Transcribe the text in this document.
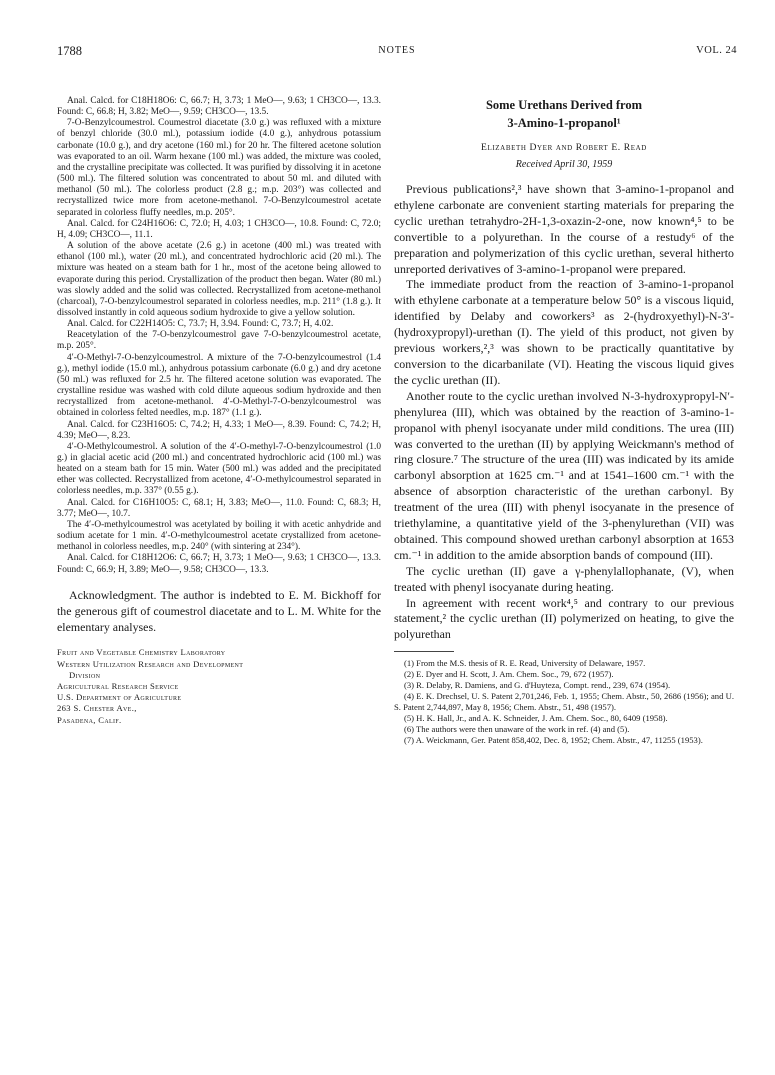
1788	NOTES	VOL. 24

Anal. Calcd. for C18H18O6: C, 66.7; H, 3.73; 1 MeO—, 9.63; 1 CH3CO—, 13.3. Found: C, 66.8; H, 3.82; MeO—, 9.59; CH3CO—, 13.5.

7-O-Benzylcoumestrol. Coumestrol diacetate (3.0 g.) was refluxed with a mixture of benzyl chloride (30.0 ml.), potassium iodide (4.0 g.), anhydrous potassium carbonate (10.0 g.), and dry acetone (160 ml.) for 20 hr. The filtered acetone solution was evaporated to an oil. Warm hexane (100 ml.) was added, the mixture was cooled, and the crystalline precipitate was collected. It was purified by dissolving it in acetone (500 ml.). The filtered solution was concentrated to about 50 ml. and diluted with methanol (50 ml.). The colorless product (2.8 g.; m.p. 203°) was collected and recrystallized twice more from acetone-methanol. 7-O-Benzylcoumestrol acetate separated in colorless fluffy needles, m.p. 205°.

Anal. Calcd. for C24H16O6: C, 72.0; H, 4.03; 1 CH3CO—, 10.8. Found: C, 72.0; H, 4.09; CH3CO—, 11.1.

A solution of the above acetate (2.6 g.) in acetone (400 ml.) was treated with ethanol (100 ml.), water (20 ml.), and concentrated hydrochloric acid (20 ml.). The mixture was heated on a steam bath for 1 hr., most of the acetone being allowed to evaporate during this period. Crystallization of the product then began. Water (80 ml.) was slowly added and the solid was collected. Recrystallized from acetone-methanol (charcoal), 7-O-benzylcoumestrol separated in colorless needles, m.p. 211° (1.8 g.). It dissolved instantly in cold aqueous sodium hydroxide to give a yellow solution.

Anal. Calcd. for C22H14O5: C, 73.7; H, 3.94. Found: C, 73.7; H, 4.02.

Reacetylation of the 7-O-benzylcoumestrol gave 7-O-benzylcoumestrol acetate, m.p. 205°.

4′-O-Methyl-7-O-benzylcoumestrol. A mixture of the 7-O-benzylcoumestrol (1.4 g.), methyl iodide (15.0 ml.), anhydrous potassium carbonate (6.0 g.) and dry acetone (50 ml.) was refluxed for 2.5 hr. The filtered acetone solution was evaporated. The crystalline residue was washed with cold dilute aqueous sodium hydroxide and then recrystallized from acetone-methanol. 4′-O-Methyl-7-O-benzylcoumestrol was obtained in colorless felted needles, m.p. 187° (1.1 g.).

Anal. Calcd. for C23H16O5: C, 74.2; H, 4.33; 1 MeO—, 8.39. Found: C, 74.2; H, 4.39; MeO—, 8.23.

4′-O-Methylcoumestrol. A solution of the 4′-O-methyl-7-O-benzylcoumestrol (1.0 g.) in glacial acetic acid (200 ml.) and concentrated hydrochloric acid (100 ml.) was heated on a steam bath for 15 min. Water (500 ml.) was added and the precipitated ether was collected. Recrystallized from acetone, 4′-O-methylcoumestrol separated in colorless needles, m.p. 337° (0.55 g.).

Anal. Calcd. for C16H10O5: C, 68.1; H, 3.83; MeO—, 11.0. Found: C, 68.3; H, 3.77; MeO—, 10.7.

The 4′-O-methylcoumestrol was acetylated by boiling it with acetic anhydride and sodium acetate for 1 min. 4′-O-methylcoumestrol acetate crystallized from acetone-methanol in colorless needles, m.p. 240° (with sintering at 234°).

Anal. Calcd. for C18H12O6: C, 66.7; H, 3.73; 1 MeO—, 9.63; 1 CH3CO—, 13.3. Found: C, 66.9; H, 3.89; MeO—, 9.58; CH3CO—, 13.3.

Acknowledgment. The author is indebted to E. M. Bickhoff for the generous gift of coumestrol diacetate and to L. M. White for the elementary analyses.

Fruit and Vegetable Chemistry Laboratory
Western Utilization Research and Development
Division
Agricultural Research Service
U.S. Department of Agriculture
263 S. Chester Ave.,
Pasadena, Calif.

Some Urethans Derived from

3-Amino-1-propanol¹

Elizabeth Dyer and Robert E. Read
Received April 30, 1959

Previous publications²,³ have shown that 3-amino-1-propanol and ethylene carbonate are convenient starting materials for preparing the cyclic urethan tetrahydro-2H-1,3-oxazin-2-one, now known⁴,⁵ to be convertible to a polyurethan. In the course of a restudy⁶ of the preparation and polymerization of this cyclic urethan, several hitherto unreported derivatives of 3-amino-1-propanol were prepared.

The immediate product from the reaction of 3-amino-1-propanol with ethylene carbonate at a temperature below 50° is a viscous liquid, identified by Delaby and coworkers³ as 2-(hydroxyethyl)-N-3′-(hydroxypropyl)-urethan (I). The yield of this product, not given by previous workers,²,³ was shown to be practically quantitative by conversion to the dicarbanilate (VI). Heating the viscous liquid gives the cyclic urethan (II).

Another route to the cyclic urethan involved N-3-hydroxypropyl-N′-phenylurea (III), which was obtained by the reaction of 3-amino-1-propanol with phenyl isocyanate under mild conditions. The urea (III) was converted to the urethan (II) by applying Weickmann's method of ring closure.⁷ The structure of the urea (III) was indicated by its amide carbonyl absorption at 1625 cm.⁻¹ and at 1541–1600 cm.⁻¹ with the absence of absorption characteristic of the urethan carbonyl. By treatment of the urea (III) with phenyl isocyanate in the presence of triethylamine, a quantitative yield of the 3-phenylurethan (VII) was obtained. This compound showed urethan carbonyl absorption at 1653 cm.⁻¹ in addition to the amide absorption bands of compound (III).

The cyclic urethan (II) gave a γ-phenylallophanate, (V), when treated with phenyl isocyanate during heating.

In agreement with recent work⁴,⁵ and contrary to our previous statement,² the cyclic urethan (II) polymerized on heating, to give the polyurethan

(1) From the M.S. thesis of R. E. Read, University of Delaware, 1957.

(2) E. Dyer and H. Scott, J. Am. Chem. Soc., 79, 672 (1957).

(3) R. Delaby, R. Damiens, and G. d'Huyteza, Compt. rend., 239, 674 (1954).

(4) E. K. Drechsel, U. S. Patent 2,701,246, Feb. 1, 1955; Chem. Abstr., 50, 2686 (1956); and U. S. Patent 2,744,897, May 8, 1956; Chem. Abstr., 51, 498 (1957).

(5) H. K. Hall, Jr., and A. K. Schneider, J. Am. Chem. Soc., 80, 6409 (1958).

(6) The authors were then unaware of the work in ref. (4) and (5).

(7) A. Weickmann, Ger. Patent 858,402, Dec. 8, 1952; Chem. Abstr., 47, 11255 (1953).
